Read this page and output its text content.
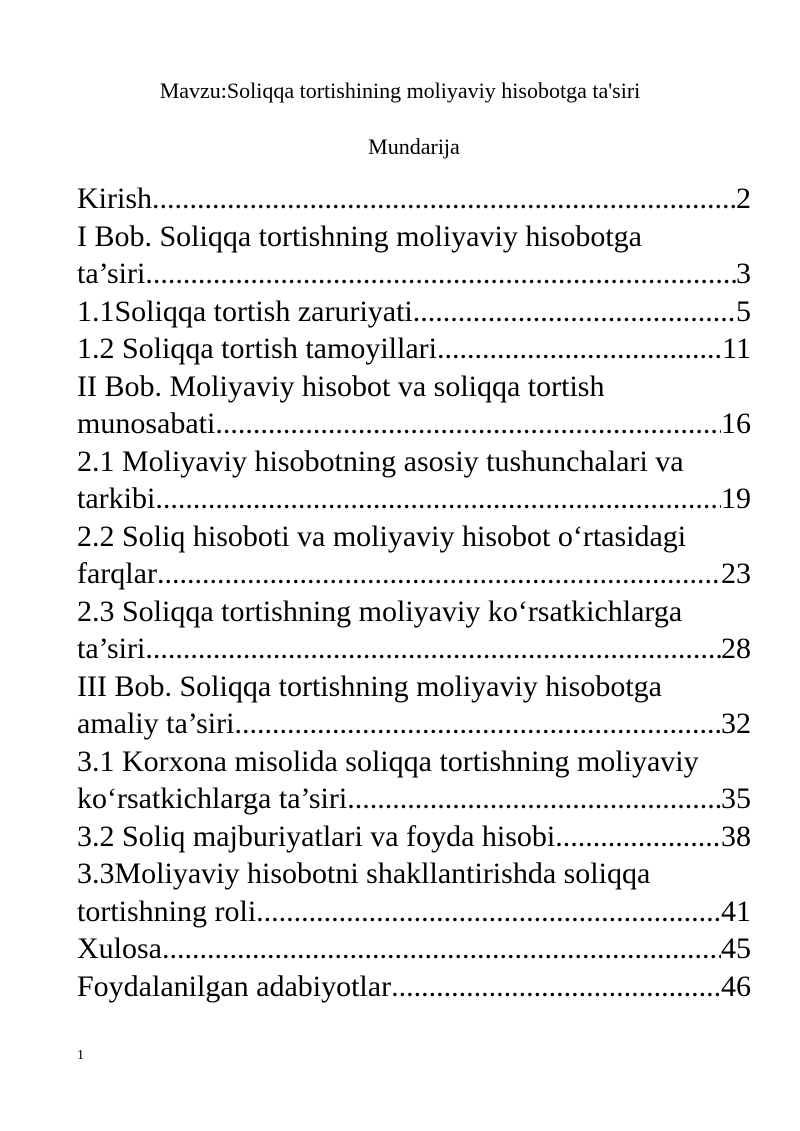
Mavzu:Soliqqa tortishining moliyaviy hisobotga ta'siri
Mundarija
Kirish .....	2
I Bob. Soliqqa tortishning moliyaviy hisobotga
ta’siri .....	3
1.1Soliqqa tortish zaruriyati .....	5
1.2 Soliqqa tortish tamoyillari .....	11
II Bob. Moliyaviy hisobot va soliqqa tortish
munosabati .....	16
2.1 Moliyaviy hisobotning asosiy tushunchalari va
tarkibi .....	19
2.2 Soliq hisoboti va moliyaviy hisobot o‘rtasidagi
farqlar .....	23
2.3 Soliqqa tortishning moliyaviy ko‘rsatkichlarga
ta’siri .....	28
III Bob. Soliqqa tortishning moliyaviy hisobotga
amaliy ta’siri .....	32
3.1 Korxona misolida soliqqa tortishning moliyaviy
ko‘rsatkichlarga ta’siri .....	35
3.2 Soliq majburiyatlari va foyda hisobi .....	38
3.3Moliyaviy hisobotni shakllantirishda soliqqa
tortishning roli .....	41
Xulosa .....	45
Foydalanilgan adabiyotlar .....	46
1
